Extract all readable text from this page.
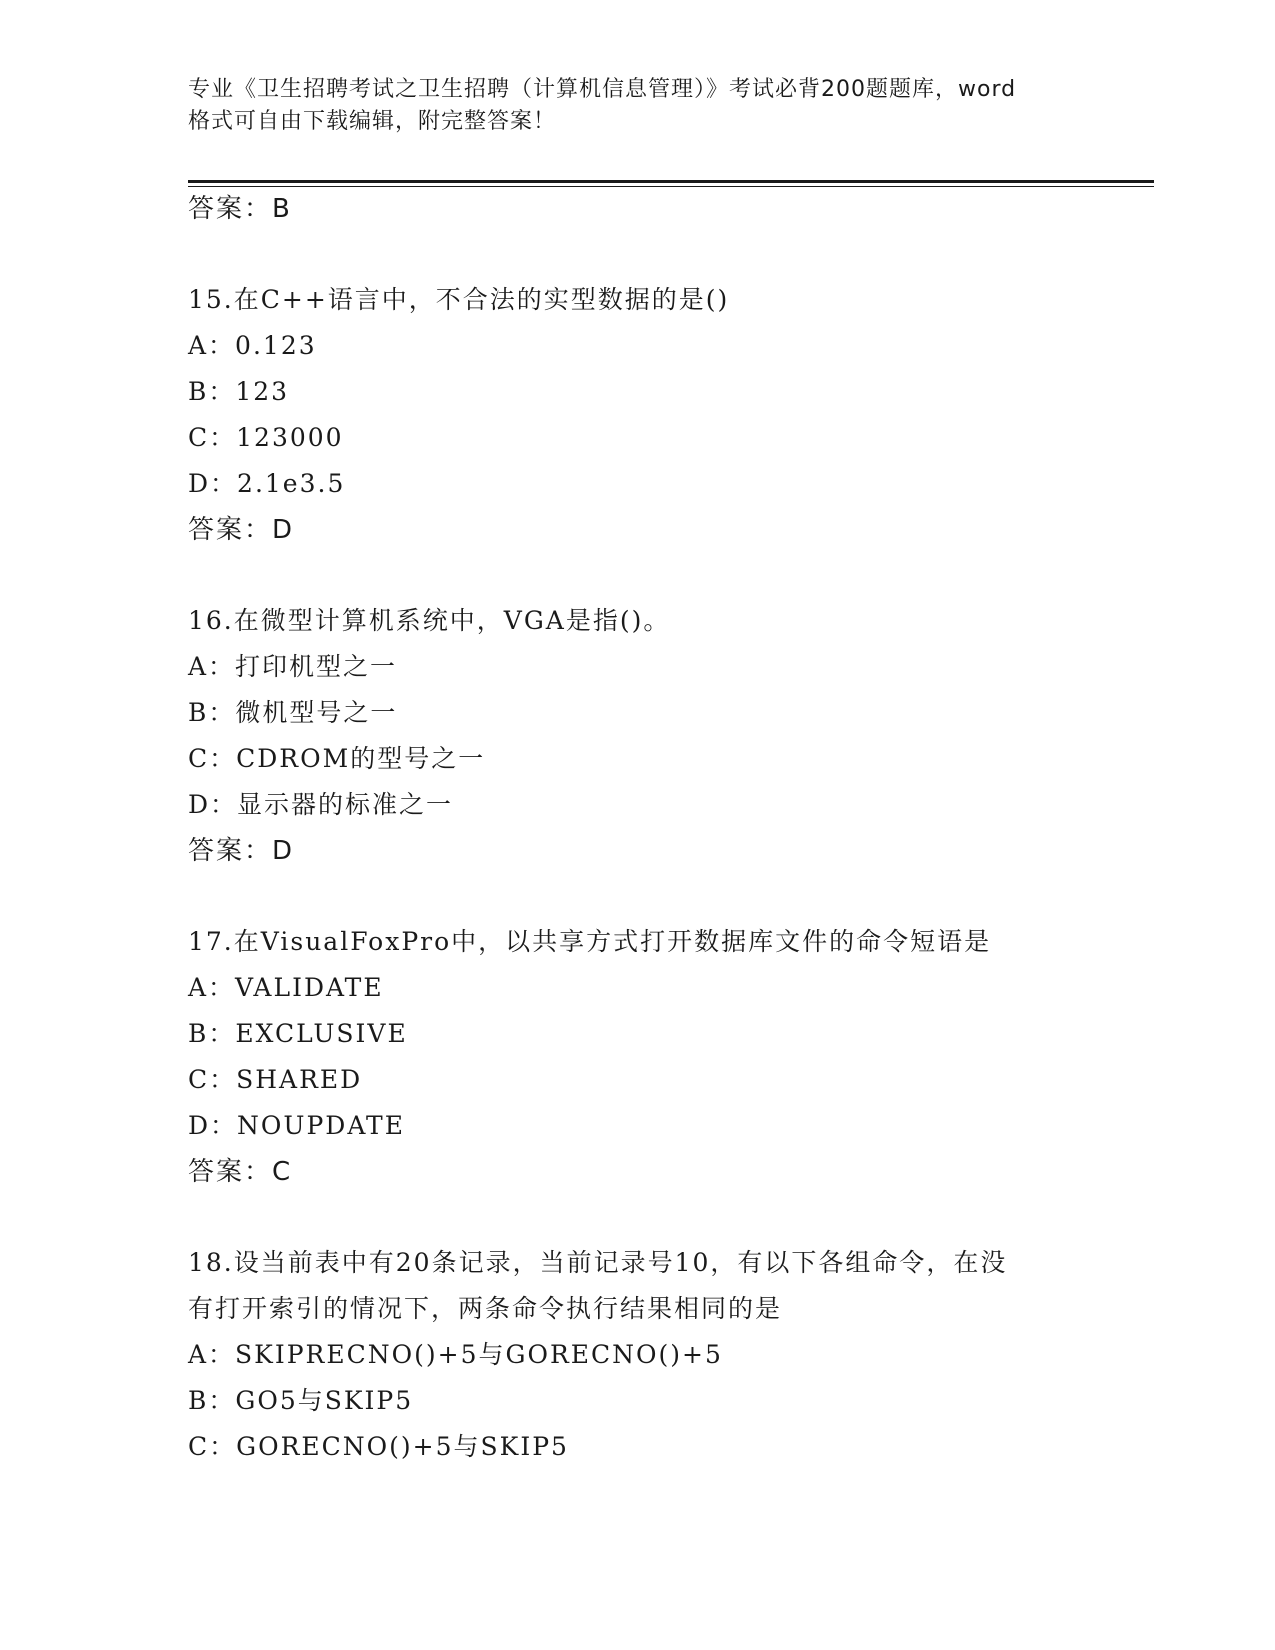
专业《卫生招聘考试之卫生招聘（计算机信息管理）》考试必背200题题库，word
格式可自由下载编辑，附完整答案！
答案：B
15.在C++语言中，不合法的实型数据的是()
A：0.123
B：123
C：123000
D：2.1e3.5
答案：D
16.在微型计算机系统中，VGA是指()。
A：打印机型之一
B：微机型号之一
C：CDROM的型号之一
D：显示器的标准之一
答案：D
17.在VisualFoxPro中，以共享方式打开数据库文件的命令短语是
A：VALIDATE
B：EXCLUSIVE
C：SHARED
D：NOUPDATE
答案：C
18.设当前表中有20条记录，当前记录号10，有以下各组命令，在没
有打开索引的情况下，两条命令执行结果相同的是
A：SKIPRECNO()+5与GORECNO()+5
B：GO5与SKIP5
C：GORECNO()+5与SKIP5
